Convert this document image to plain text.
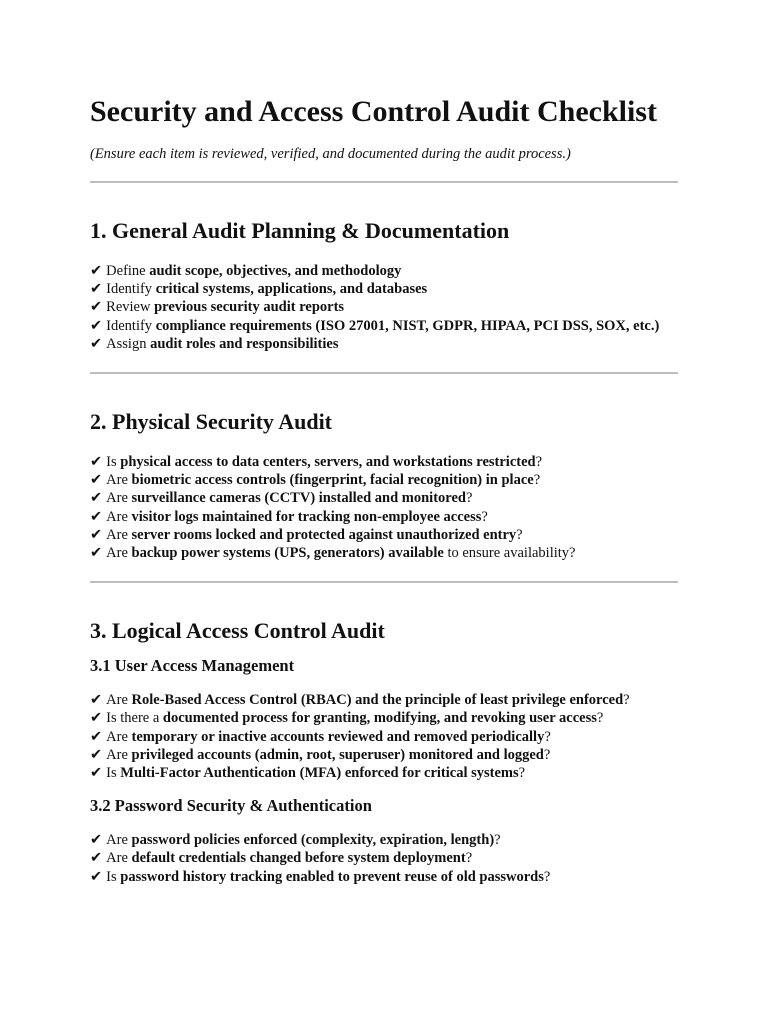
Security and Access Control Audit Checklist

(Ensure each item is reviewed, verified, and documented during the audit process.)

1. General Audit Planning & Documentation
✔ Define audit scope, objectives, and methodology
✔ Identify critical systems, applications, and databases
✔ Review previous security audit reports
✔ Identify compliance requirements (ISO 27001, NIST, GDPR, HIPAA, PCI DSS, SOX, etc.)
✔ Assign audit roles and responsibilities
2. Physical Security Audit
✔ Is physical access to data centers, servers, and workstations restricted?
✔ Are biometric access controls (fingerprint, facial recognition) in place?
✔ Are surveillance cameras (CCTV) installed and monitored?
✔ Are visitor logs maintained for tracking non-employee access?
✔ Are server rooms locked and protected against unauthorized entry?
✔ Are backup power systems (UPS, generators) available to ensure availability?
3. Logical Access Control Audit
3.1 User Access Management
✔ Are Role-Based Access Control (RBAC) and the principle of least privilege enforced?
✔ Is there a documented process for granting, modifying, and revoking user access?
✔ Are temporary or inactive accounts reviewed and removed periodically?
✔ Are privileged accounts (admin, root, superuser) monitored and logged?
✔ Is Multi-Factor Authentication (MFA) enforced for critical systems?
3.2 Password Security & Authentication
✔ Are password policies enforced (complexity, expiration, length)?
✔ Are default credentials changed before system deployment?
✔ Is password history tracking enabled to prevent reuse of old passwords?
